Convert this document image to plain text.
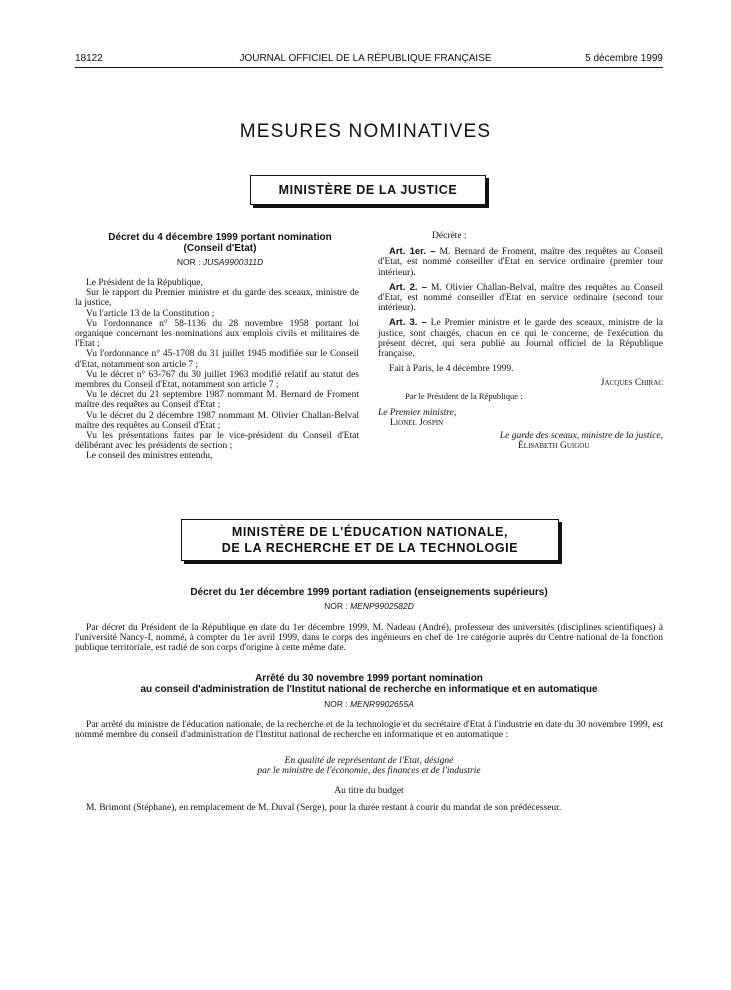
18122	JOURNAL OFFICIEL DE LA RÉPUBLIQUE FRANÇAISE	5 décembre 1999
MESURES NOMINATIVES
MINISTÈRE DE LA JUSTICE
Décret du 4 décembre 1999 portant nomination
(Conseil d'Etat)
NOR : JUSA9900311D

Le Président de la République,

Sur le rapport du Premier ministre et du garde des sceaux, ministre de la justice,

Vu l'article 13 de la Constitution ;

Vu l'ordonnance n° 58-1136 du 28 novembre 1958 portant loi organique concernant les nominations aux emplois civils et militaires de l'Etat ;

Vu l'ordonnance n° 45-1708 du 31 juillet 1945 modifiée sur le Conseil d'Etat, notamment son article 7 ;

Vu le décret n° 63-767 du 30 juillet 1963 modifié relatif au statut des membres du Conseil d'Etat, notamment son article 7 ;

Vu le décret du 21 septembre 1987 nommant M. Bernard de Froment maître des requêtes au Conseil d'Etat ;

Vu le décret du 2 décembre 1987 nommant M. Olivier Challan-Belval maître des requêtes au Conseil d'Etat ;

Vu les présentations faites par le vice-président du Conseil d'Etat délibérant avec les présidents de section ;

Le conseil des ministres entendu,

Décrète :

Art. 1er. – M. Bernard de Froment, maître des requêtes au Conseil d'Etat, est nommé conseiller d'Etat en service ordinaire (premier tour intérieur).

Art. 2. – M. Olivier Challan-Belval, maître des requêtes au Conseil d'Etat, est nommé conseiller d'Etat en service ordinaire (second tour intérieur).

Art. 3. – Le Premier ministre et le garde des sceaux, ministre de la justice, sont chargés, chacun en ce qui le concerne, de l'exécution du présent décret, qui sera publié au Journal officiel de la République française.

Fait à Paris, le 4 décembre 1999.

Jacques Chirac
Par le Président de la République :
Le Premier ministre,
Lionel Jospin
Le garde des sceaux, ministre de la justice,
Élisabeth Guigou
MINISTÈRE DE L'ÉDUCATION NATIONALE,
DE LA RECHERCHE ET DE LA TECHNOLOGIE
Décret du 1er décembre 1999 portant radiation (enseignements supérieurs)
NOR : MENP9902582D

Par décret du Président de la République en date du 1er décembre 1999, M. Nadeau (André), professeur des universités (disciplines scientifiques) à l'université Nancy-I, nommé, à compter du 1er avril 1999, dans le corps des ingénieurs en chef de 1re catégorie auprès du Centre national de la fonction publique territoriale, est radié de son corps d'origine à cette même date.

Arrêté du 30 novembre 1999 portant nomination
au conseil d'administration de l'Institut national de recherche en informatique et en automatique
NOR : MENR9902655A

Par arrêté du ministre de l'éducation nationale, de la recherche et de la technologie et du secrétaire d'Etat à l'industrie en date du 30 novembre 1999, est nommé membre du conseil d'administration de l'Institut national de recherche en informatique et en automatique :

En qualité de représentant de l'Etat, désigné
par le ministre de l'économie, des finances et de l'industrie
Au titre du budget

M. Brimont (Stéphane), en remplacement de M. Duval (Serge), pour la durée restant à courir du mandat de son prédécesseur.
